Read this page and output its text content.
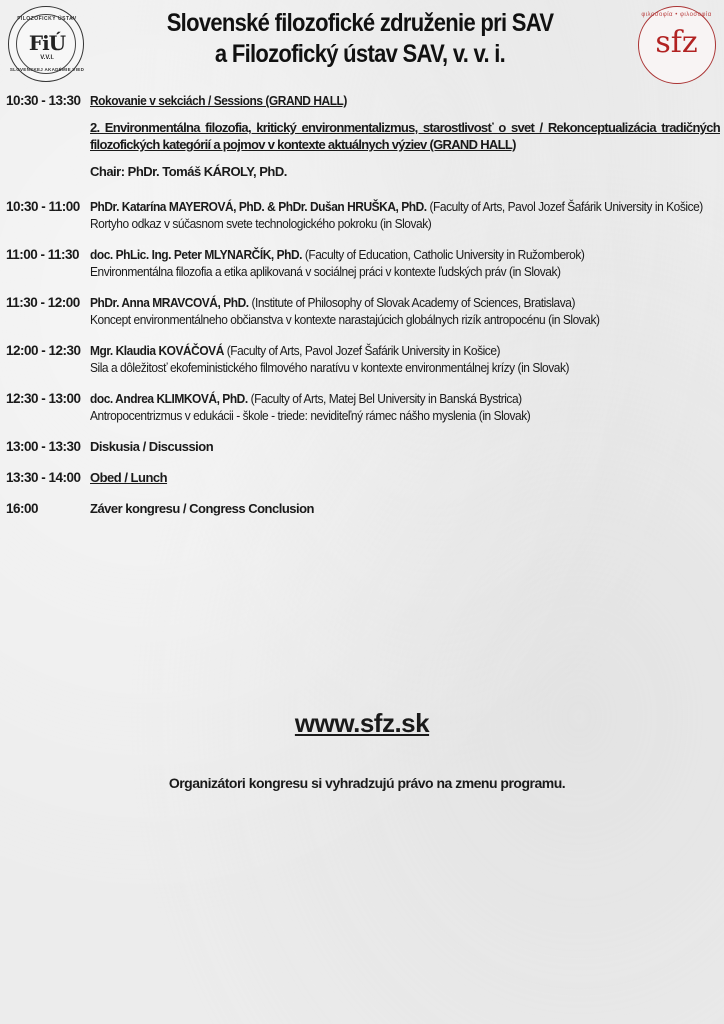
FILOZOFICKÝ ÚSTAV
FiÚ
V.V.I.
SLOVENSKEJ AKADÉMIE VIED
Slovenské filozofické združenie pri SAV
a Filozofický ústav SAV, v. v. i.
φιλοσοφία • φιλοσοφία
sfz
10:30 - 13:30 Rokovanie v sekciách / Sessions (GRAND HALL)
2. Environmentálna filozofia, kritický environmentalizmus, starostlivosť o svet / Rekonceptualizácia tradičných filozofických kategórií a pojmov v kontexte aktuálnych výziev (GRAND HALL)
Chair: PhDr. Tomáš KÁROLY, PhD.
10:30 - 11:00 PhDr. Katarína MAYEROVÁ, PhD. & PhDr. Dušan HRUŠKA, PhD. (Faculty of Arts, Pavol Jozef Šafárik University in Košice)
Rortyho odkaz v súčasnom svete technologického pokroku (in Slovak)
11:00 - 11:30 doc. PhLic. Ing. Peter MLYNARČÍK, PhD. (Faculty of Education, Catholic University in Ružomberok)
Environmentálna filozofia a etika aplikovaná v sociálnej práci v kontexte ľudských práv (in Slovak)
11:30 - 12:00 PhDr. Anna MRAVCOVÁ, PhD. (Institute of Philosophy of Slovak Academy of Sciences, Bratislava)
Koncept environmentálneho občianstva v kontexte narastajúcich globálnych rizík antropocénu (in Slovak)
12:00 - 12:30 Mgr. Klaudia KOVÁČOVÁ (Faculty of Arts, Pavol Jozef Šafárik University in Košice)
Sila a dôležitosť ekofeministického filmového naratívu v kontexte environmentálnej krízy (in Slovak)
12:30 - 13:00 doc. Andrea KLIMKOVÁ, PhD. (Faculty of Arts, Matej Bel University in Banská Bystrica)
Antropocentrizmus v edukácii - škole - triede: neviditeľný rámec nášho myslenia (in Slovak)
13:00 - 13:30 Diskusia / Discussion
13:30 - 14:00 Obed / Lunch
16:00	Záver kongresu / Congress Conclusion
www.sfz.sk
Organizátori kongresu si vyhradzujú právo na zmenu programu.
